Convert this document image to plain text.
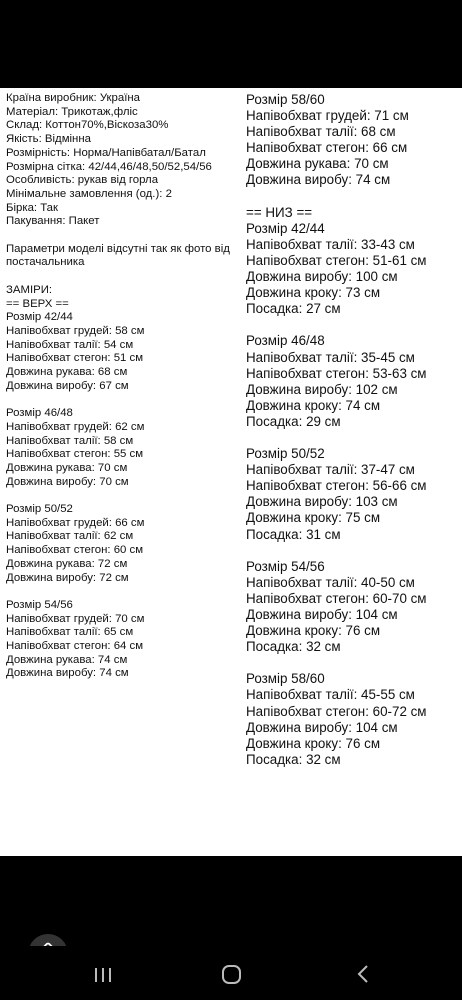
Країна виробник: Україна
Матеріал: Трикотаж,фліс
Склад: Коттон70%,Віскоза30%
Якість: Відмінна
Розмірність: Норма/Напівбатал/Батал
Розмірна сітка: 42/44,46/48,50/52,54/56
Особливість: рукав від горла
Мінімальне замовлення (од.): 2
Бірка: Так
Пакування: Пакет
Параметри моделі відсутні так як фото від постачальника
ЗАМІРИ:
== ВЕРХ ==
Розмір 42/44
Напівобхват грудей: 58 см
Напівобхват талії: 54 см
Напівобхват стегон: 51 см
Довжина рукава: 68 см
Довжина виробу: 67 см
Розмір 46/48
Напівобхват грудей: 62 см
Напівобхват талії: 58 см
Напівобхват стегон: 55 см
Довжина рукава: 70 см
Довжина виробу: 70 см
Розмір 50/52
Напівобхват грудей: 66 см
Напівобхват талії: 62 см
Напівобхват стегон: 60 см
Довжина рукава: 72 см
Довжина виробу: 72 см
Розмір 54/56
Напівобхват грудей: 70 см
Напівобхват талії: 65 см
Напівобхват стегон: 64 см
Довжина рукава: 74 см
Довжина виробу: 74 см
Розмір 58/60
Напівобхват грудей: 71 см
Напівобхват талії: 68 см
Напівобхват стегон: 66 см
Довжина рукава: 70 см
Довжина виробу: 74 см
== НИЗ ==
Розмір 42/44
Напівобхват талії: 33-43 см
Напівобхват стегон: 51-61 см
Довжина виробу: 100 см
Довжина кроку: 73 см
Посадка: 27 см
Розмір 46/48
Напівобхват талії: 35-45 см
Напівобхват стегон: 53-63 см
Довжина виробу: 102 см
Довжина кроку: 74 см
Посадка: 29 см
Розмір 50/52
Напівобхват талії: 37-47 см
Напівобхват стегон: 56-66 см
Довжина виробу: 103 см
Довжина кроку: 75 см
Посадка: 31 см
Розмір 54/56
Напівобхват талії: 40-50 см
Напівобхват стегон: 60-70 см
Довжина виробу: 104 см
Довжина кроку: 76 см
Посадка: 32 см
Розмір 58/60
Напівобхват талії: 45-55 см
Напівобхват стегон: 60-72 см
Довжина виробу: 104 см
Довжина кроку: 76 см
Посадка: 32 см
